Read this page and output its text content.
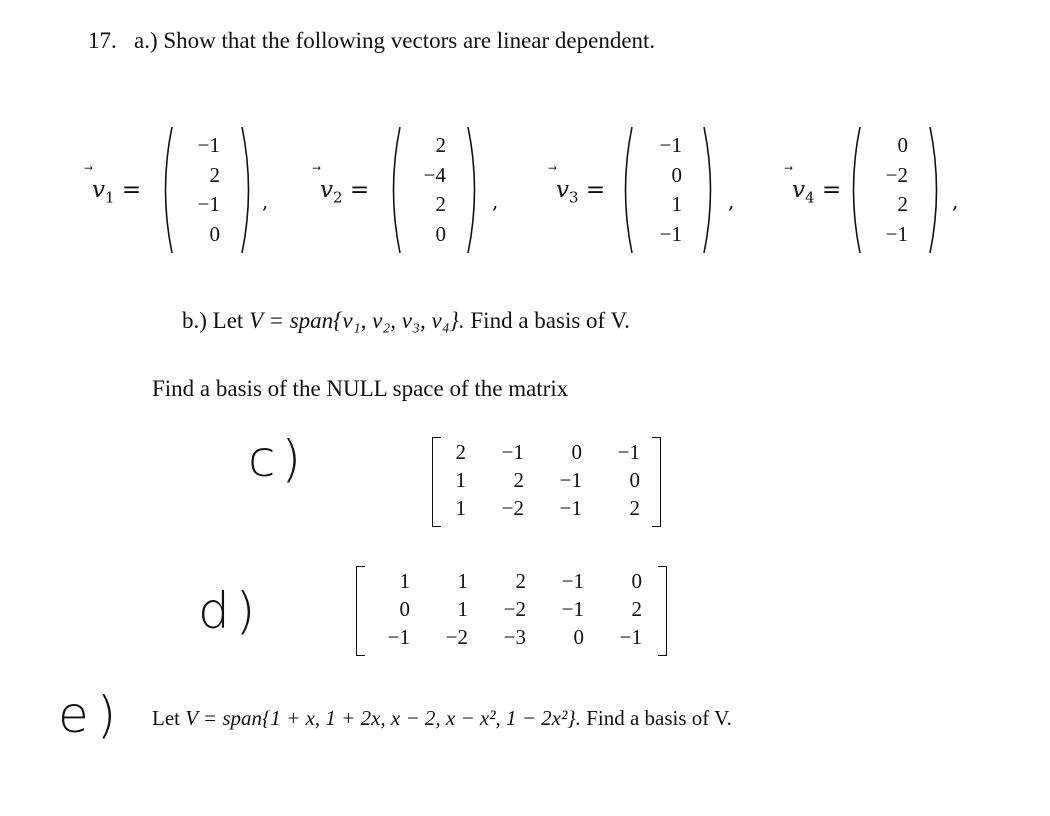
17. a.) Show that the following vectors are linear dependent.
v
$_1$ =
−1
2
−1
0
, v
$_2$ =
2
−4
2
0
,	v
$_3$ =
−1
0
1
−1
,	v
$_4$ =
0
−2
2
−1
,
b.) Let V = span{v₁, v₂, v₃, v₄}. Find a basis of V.
Find a basis of the NULL space of the matrix
c)	2	−1	0	−1
1	2	−1	0
1	−2	−1	2
d)
1	1	2	−1	0
0	1	−2	−1	2
−1	−2	−3	0	−1
e) Let V = span{1 + x, 1 + 2x, x − 2, x − x², 1 − 2x²}. Find a basis of V.
